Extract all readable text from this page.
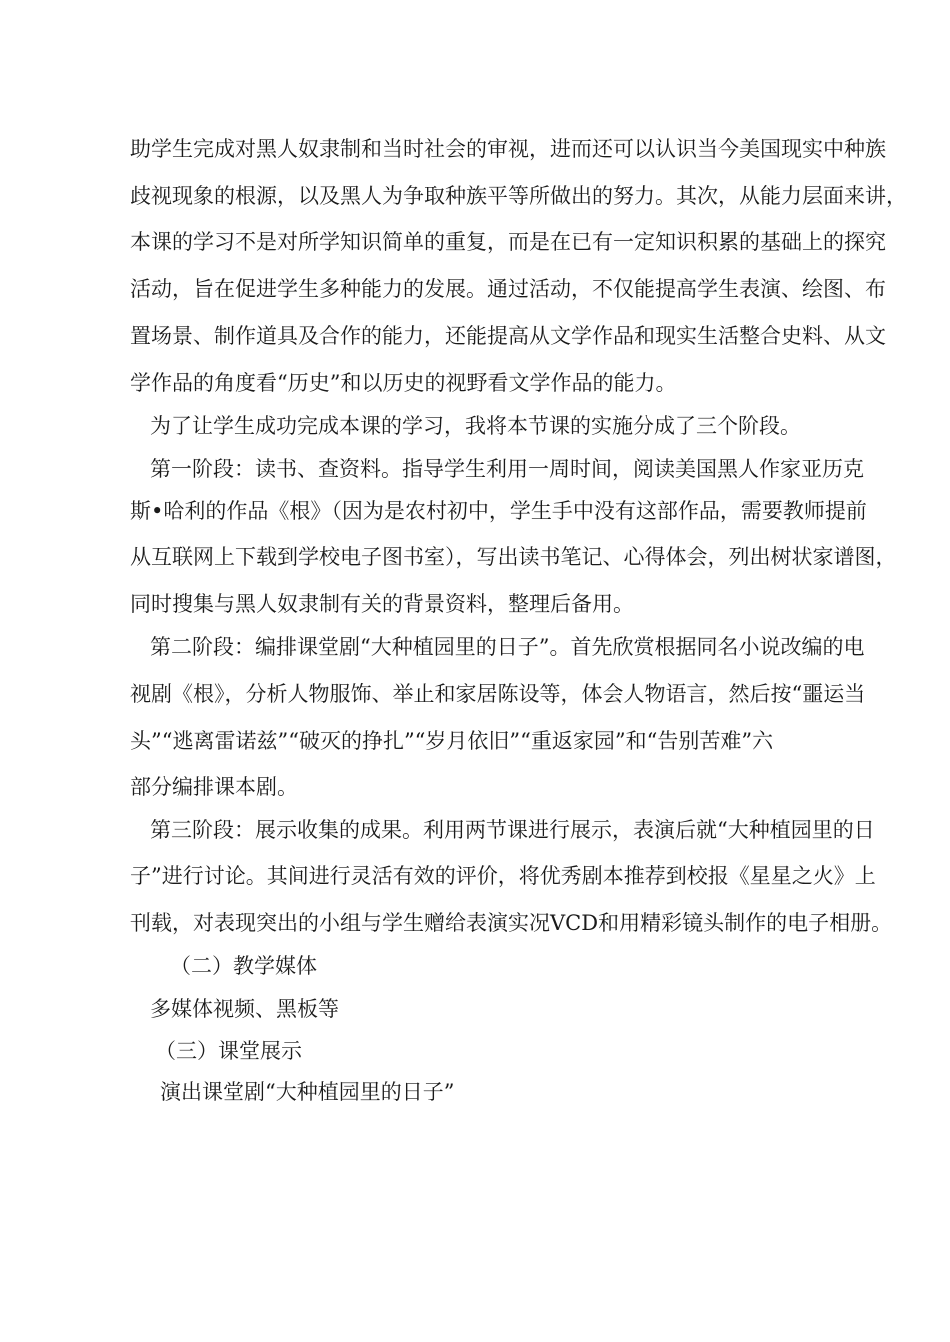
助学生完成对黑人奴隶制和当时社会的审视，进而还可以认识当今美国现实中种族
歧视现象的根源，以及黑人为争取种族平等所做出的努力。其次，从能力层面来讲，
本课的学习不是对所学知识简单的重复，而是在已有一定知识积累的基础上的探究
活动，旨在促进学生多种能力的发展。通过活动，不仅能提高学生表演、绘图、布
置场景、制作道具及合作的能力，还能提高从文学作品和现实生活整合史料、从文
学作品的角度看“历史”和以历史的视野看文学作品的能力。
为了让学生成功完成本课的学习，我将本节课的实施分成了三个阶段。
第一阶段：读书、查资料。指导学生利用一周时间，阅读美国黑人作家亚历克
斯•哈利的作品《根》（因为是农村初中，学生手中没有这部作品，需要教师提前
从互联网上下载到学校电子图书室），写出读书笔记、心得体会，列出树状家谱图，
同时搜集与黑人奴隶制有关的背景资料，整理后备用。
第二阶段：编排课堂剧“大种植园里的日子”。首先欣赏根据同名小说改编的电
视剧《根》，分析人物服饰、举止和家居陈设等，体会人物语言，然后按“噩运当
头”“逃离雷诺兹”“破灭的挣扎”“岁月依旧”“重返家园”和“告别苦难”六
部分编排课本剧。
第三阶段：展示收集的成果。利用两节课进行展示，表演后就“大种植园里的日
子”进行讨论。其间进行灵活有效的评价，将优秀剧本推荐到校报《星星之火》上
刊载，对表现突出的小组与学生赠给表演实况VCD和用精彩镜头制作的电子相册。
（二）教学媒体
多媒体视频、黑板等
（三）课堂展示
演出课堂剧“大种植园里的日子”
